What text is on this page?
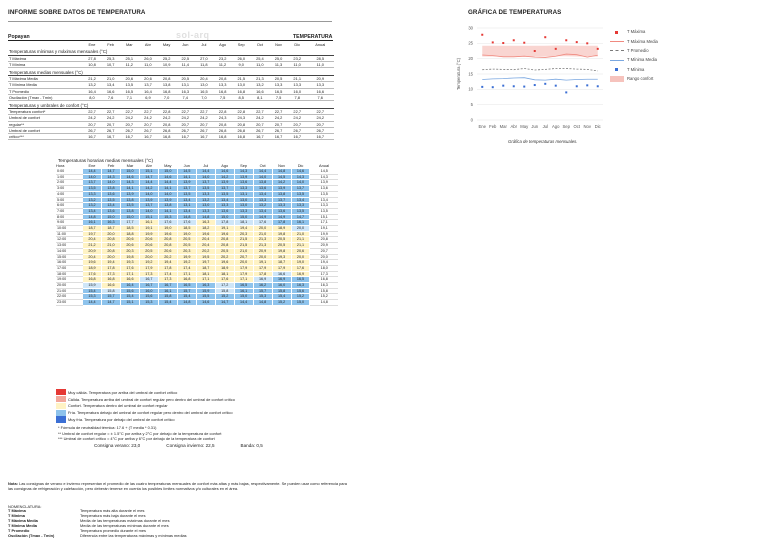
INFORME SOBRE DATOS DE TEMPERATURA	GRÁFICA DE TEMPERATURAS
Popayan	sol-arq	TEMPERATURA
	Ene	Feb	Mar	Abr	May	Jun	Jul	Ago	Sep	Oct	Nov	Dic	Anual
Temperaturas mínimas y máximas mensuales (°C)													
T Máxima	27,8	25,3	25,1	26,0	25,2	22,5	27,0	23,2	26,0	25,4	25,0	23,2	28,5
T Mínima	10,8	10,7	11,2	11,0	10,9	11,4	11,8	11,2	9,0	11,0	11,3	11,0	11,0
Temperaturas medias mensuales (°C)													
T Máxima Media	21,2	21,0	20,6	20,6	20,8	20,5	20,4	20,8	21,5	21,3	20,5	21,1	20,9
T Mínima Media	13,2	13,4	13,5	13,7	13,8	13,1	13,0	13,3	13,0	13,2	13,3	13,3	13,3
T Promedio	16,4	16,6	16,5	16,4	16,8	16,3	16,5	16,8	16,8	16,6	16,5	16,0	16,6
Oscilación (Tmax - Tmin)	8,0	7,6	7,1	6,9	7,0	7,4	7,0	7,5	8,5	8,1	7,5	7,8	7,6
Temperaturas y umbrales de confort (°C)													
Temperatura confort*	22,7	22,7	22,7	22,7	22,8	22,7	22,7	22,8	22,8	22,7	22,7	22,7	22,7
Umbral de confort	24,2	24,2	24,2	24,2	24,2	24,2	24,2	24,3	24,3	24,2	24,2	24,2	24,2
regular**	20,7	20,7	20,7	20,7	20,8	20,7	20,7	20,8	20,8	20,7	20,7	20,7	20,7
Umbral de confort	26,7	26,7	26,7	26,7	26,8	26,7	26,7	26,8	26,8	26,7	26,7	26,7	26,7
crítico***	16,7	16,7	16,7	16,7	16,8	16,7	16,7	16,8	16,8	16,7	16,7	16,7	16,7
Temperaturas horarias medias mensuales (°C)
Hora	Ene	Feb	Mar	Abr	May	Jun	Jul	Ago	Sep	Oct	Nov	Dic	Anual
0:00	14,4	14,7	15,0	15,1	15,0	14,5	14,4	14,6	14,3	14,4	14,8	14,6	14,5
1:00	14,0	14,3	14,6	14,7	14,6	14,1	14,0	14,2	13,9	14,0	14,5	14,3	14,3
2:00	13,7	14,0	14,3	14,4	14,4	13,9	13,7	13,9	13,6	13,8	14,2	14,0	13,9
3:00	13,5	13,8	14,1	14,2	14,1	13,7	13,5	13,7	13,3	13,6	13,9	13,7	13,6
4:00	13,3	13,6	13,9	14,0	14,0	13,5	13,3	13,5	13,1	13,4	13,8	13,5	13,5
5:00	13,2	13,5	13,8	13,9	13,9	13,4	13,2	13,4	13,0	13,3	13,7	13,4	13,4
6:00	13,2	13,4	13,5	13,7	13,8	13,1	13,0	13,3	13,0	13,2	13,3	13,3	13,3
7:00	13,4	13,6	13,8	14,0	14,1	13,4	13,3	13,6	13,3	13,4	13,6	13,5	13,5
8:00	14,8	15,0	15,0	15,1	15,3	14,8	14,8	15,0	15,0	14,9	14,9	14,7	15,1
9:00	16,1	16,3	17,7	16,1	17,6	17,6	16,3	17,8	18,1	17,6	17,8	16,1	17,1
10:00	18,7	18,7	18,5	19,1	19,0	18,5	18,2	19,1	19,4	20,0	18,9	20,0	19,1
11:00	19,7	20,0	18,8	19,9	19,6	19,0	19,6	19,6	20,3	21,0	19,8	21,0	19,9
12:00	20,4	20,8	20,6	20,6	20,8	20,5	20,4	20,8	21,5	21,3	20,5	21,1	20,8
13:00	21,2	21,0	20,6	20,6	20,8	20,5	20,4	20,8	21,5	21,3	20,5	21,1	20,9
14:00	20,9	20,8	20,3	20,5	20,6	20,3	20,2	20,5	21,0	20,9	19,8	20,6	20,7
15:00	20,4	20,0	19,8	20,0	20,2	19,9	19,5	20,2	20,7	20,0	19,3	20,0	20,0
16:00	19,6	19,4	19,3	19,2	19,4	19,2	19,7	19,6	20,0	19,1	18,7	19,0	19,4
17:00	18,9	17,8	17,6	17,9	17,8	17,4	18,7	18,9	17,9	17,9	17,9	17,6	18,0
18:00	17,6	17,3	17,1	17,3	17,4	17,1	18,1	18,1	17,9	17,8	16,6	16,9	17,3
19:00	16,8	16,8	16,6	16,7	17,3	16,8	17,1	17,6	17,1	16,9	16,9	16,5	16,8
20:00	15,9	16,6	16,4	16,7	16,7	16,5	16,3	17,2	16,5	16,2	16,0	16,3	16,3
21:00	15,4	15,8	15,6	16,0	16,1	15,7	15,9	15,8	16,1	15,7	15,8	15,6	15,8
22:00	15,3	15,7	15,4	15,6	15,8	15,4	15,5	15,2	15,0	15,3	15,4	15,2	15,2
23:00	14,4	14,7	15,1	15,3	15,4	14,8	14,6	14,7	14,4	14,8	15,2	15,0	14,8
Muy cálida. Temperatura por arriba del umbral de confort crítico
Cálida. Temperatura arriba del umbral de confort regular pero dentro del umbral de confort crítico
Confort. Temperatura dentro del umbral de confort regular
Fría. Temperatura debajo del umbral de confort regular pero dentro del umbral de confort crítico
Muy fría. Temperatura por debajo del umbral de confort crítico
* Fórmula de neutralidad térmica: 17.6 + (T media * 0.31)
** Umbral de confort regular = ± 1.5°C por arriba y 2°C por debajo de la temperatura de confort
*** Umbral de confort crítico = 4°C por arriba y 6°C por debajo de la temperatura de confort
Consigna verano: 23,0	Consigna invierno: 22,5	Banda: 0,5
Nota: Las consignas de verano e invierno representan el promedio de las cuatro temperaturas mensuales de confort más altas y más bajas, respectivamente. Se pueden usar como referencia para las consignas de refrigeración y calefacción, pero deberán tenerse en cuenta los posibles límites normativos y/o culturales en el área.
NOMENCLATURA:
T Máxima	Temperatura más alta durante el mes
T Mínima	Temperatura más baja durante el mes
T Máxima Media	Media de las temperaturas máximas durante el mes
T Mínima Media	Media de las temperaturas mínimas durante el mes
T Promedio	Temperatura promedio durante el mes
Oscilación (Tmax - Tmin)	Diferencia entre las temperaturas máximas y mínimas medias
0
5
10
15
20
25
30
Temperatura (°C)
Ene Feb Mar Abr May Jun Jul Ago Sep Oct Nov Dic
T Máxima
T Máxima Media
T Promedio
T Mínima Media
T Mínima
Rango confort
Gráfica de temperaturas mensuales.
